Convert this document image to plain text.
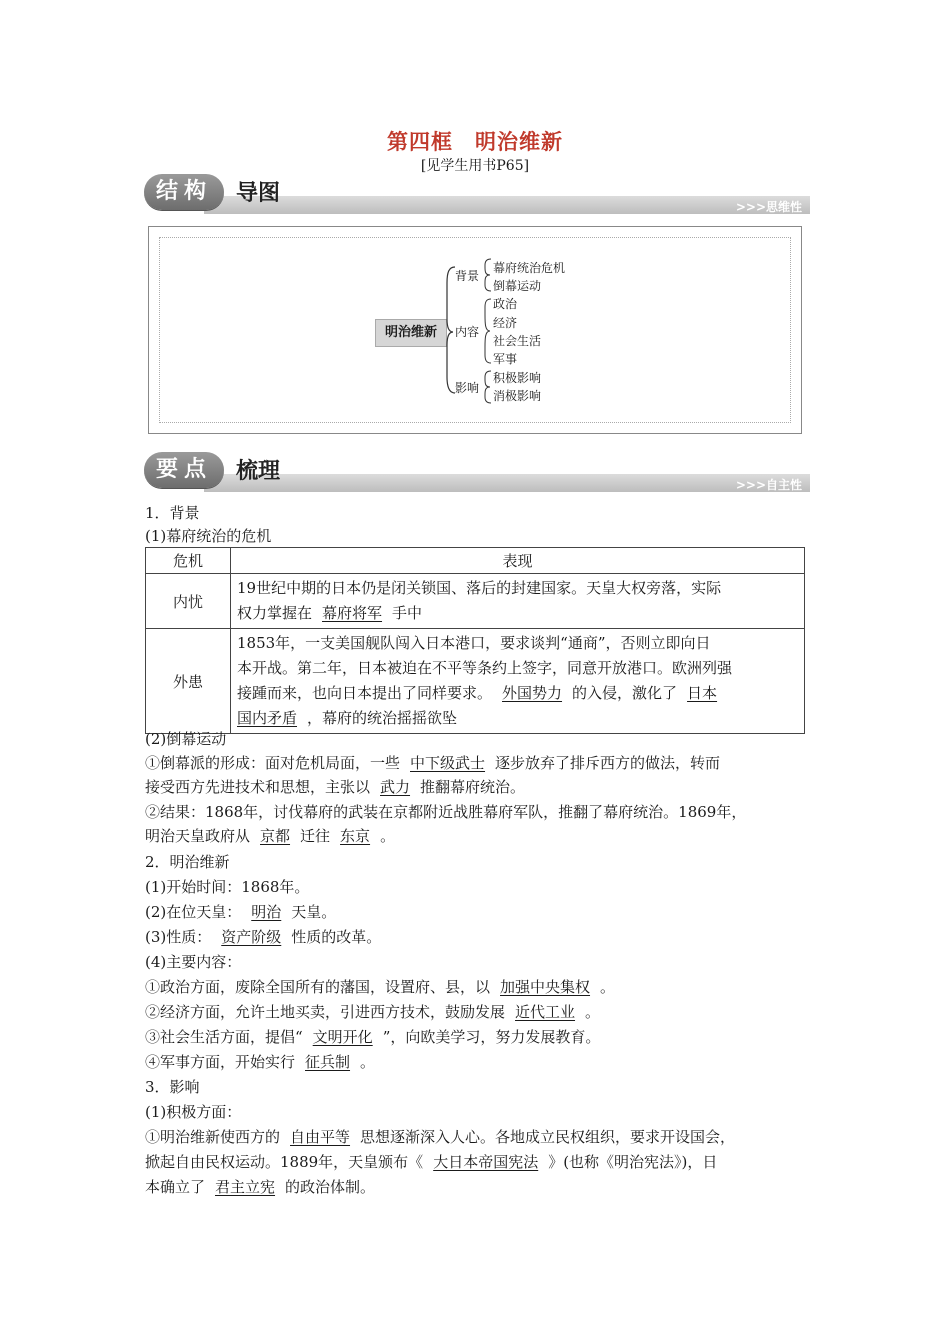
第四框　明治维新
[见学生用书P65]
结构	导图
>>>思维性
明治维新
背景
幕府统治危机
倒幕运动
内容
政治
经济
社会生活
军事
影响
积极影响
消极影响
要点	梳理
>>>自主性
1．背景
(1)幕府统治的危机
危机	表现
内忧	19世纪中期的日本仍是闭关锁国、落后的封建国家。天皇大权旁落，实际
权力掌握在 幕府将军 手中

外患	1853年，一支美国舰队闯入日本港口，要求谈判“通商”，否则立即向日
本开战。第二年，日本被迫在不平等条约上签字，同意开放港口。欧洲列强
接踵而来，也向日本提出了同样要求。 外国势力 的入侵，激化了 日本
国内矛盾 ，幕府的统治摇摇欲坠
(2)倒幕运动
①倒幕派的形成：面对危机局面，一些 中下级武士 逐步放弃了排斥西方的做法，转而
接受西方先进技术和思想，主张以 武力 推翻幕府统治。
②结果：1868年，讨伐幕府的武装在京都附近战胜幕府军队，推翻了幕府统治。1869年，
明治天皇政府从 京都 迁往 东京 。
2．明治维新
(1)开始时间：1868年。
(2)在位天皇： 明治 天皇。
(3)性质： 资产阶级 性质的改革。
(4)主要内容：
①政治方面，废除全国所有的藩国，设置府、县，以 加强中央集权 。
②经济方面，允许土地买卖，引进西方技术，鼓励发展 近代工业 。
③社会生活方面，提倡“ 文明开化 ”，向欧美学习，努力发展教育。
④军事方面，开始实行 征兵制 。
3．影响
(1)积极方面：
①明治维新使西方的 自由平等 思想逐渐深入人心。各地成立民权组织，要求开设国会，
掀起自由民权运动。1889年，天皇颁布《 大日本帝国宪法 》(也称《明治宪法》)，日
本确立了 君主立宪 的政治体制。
